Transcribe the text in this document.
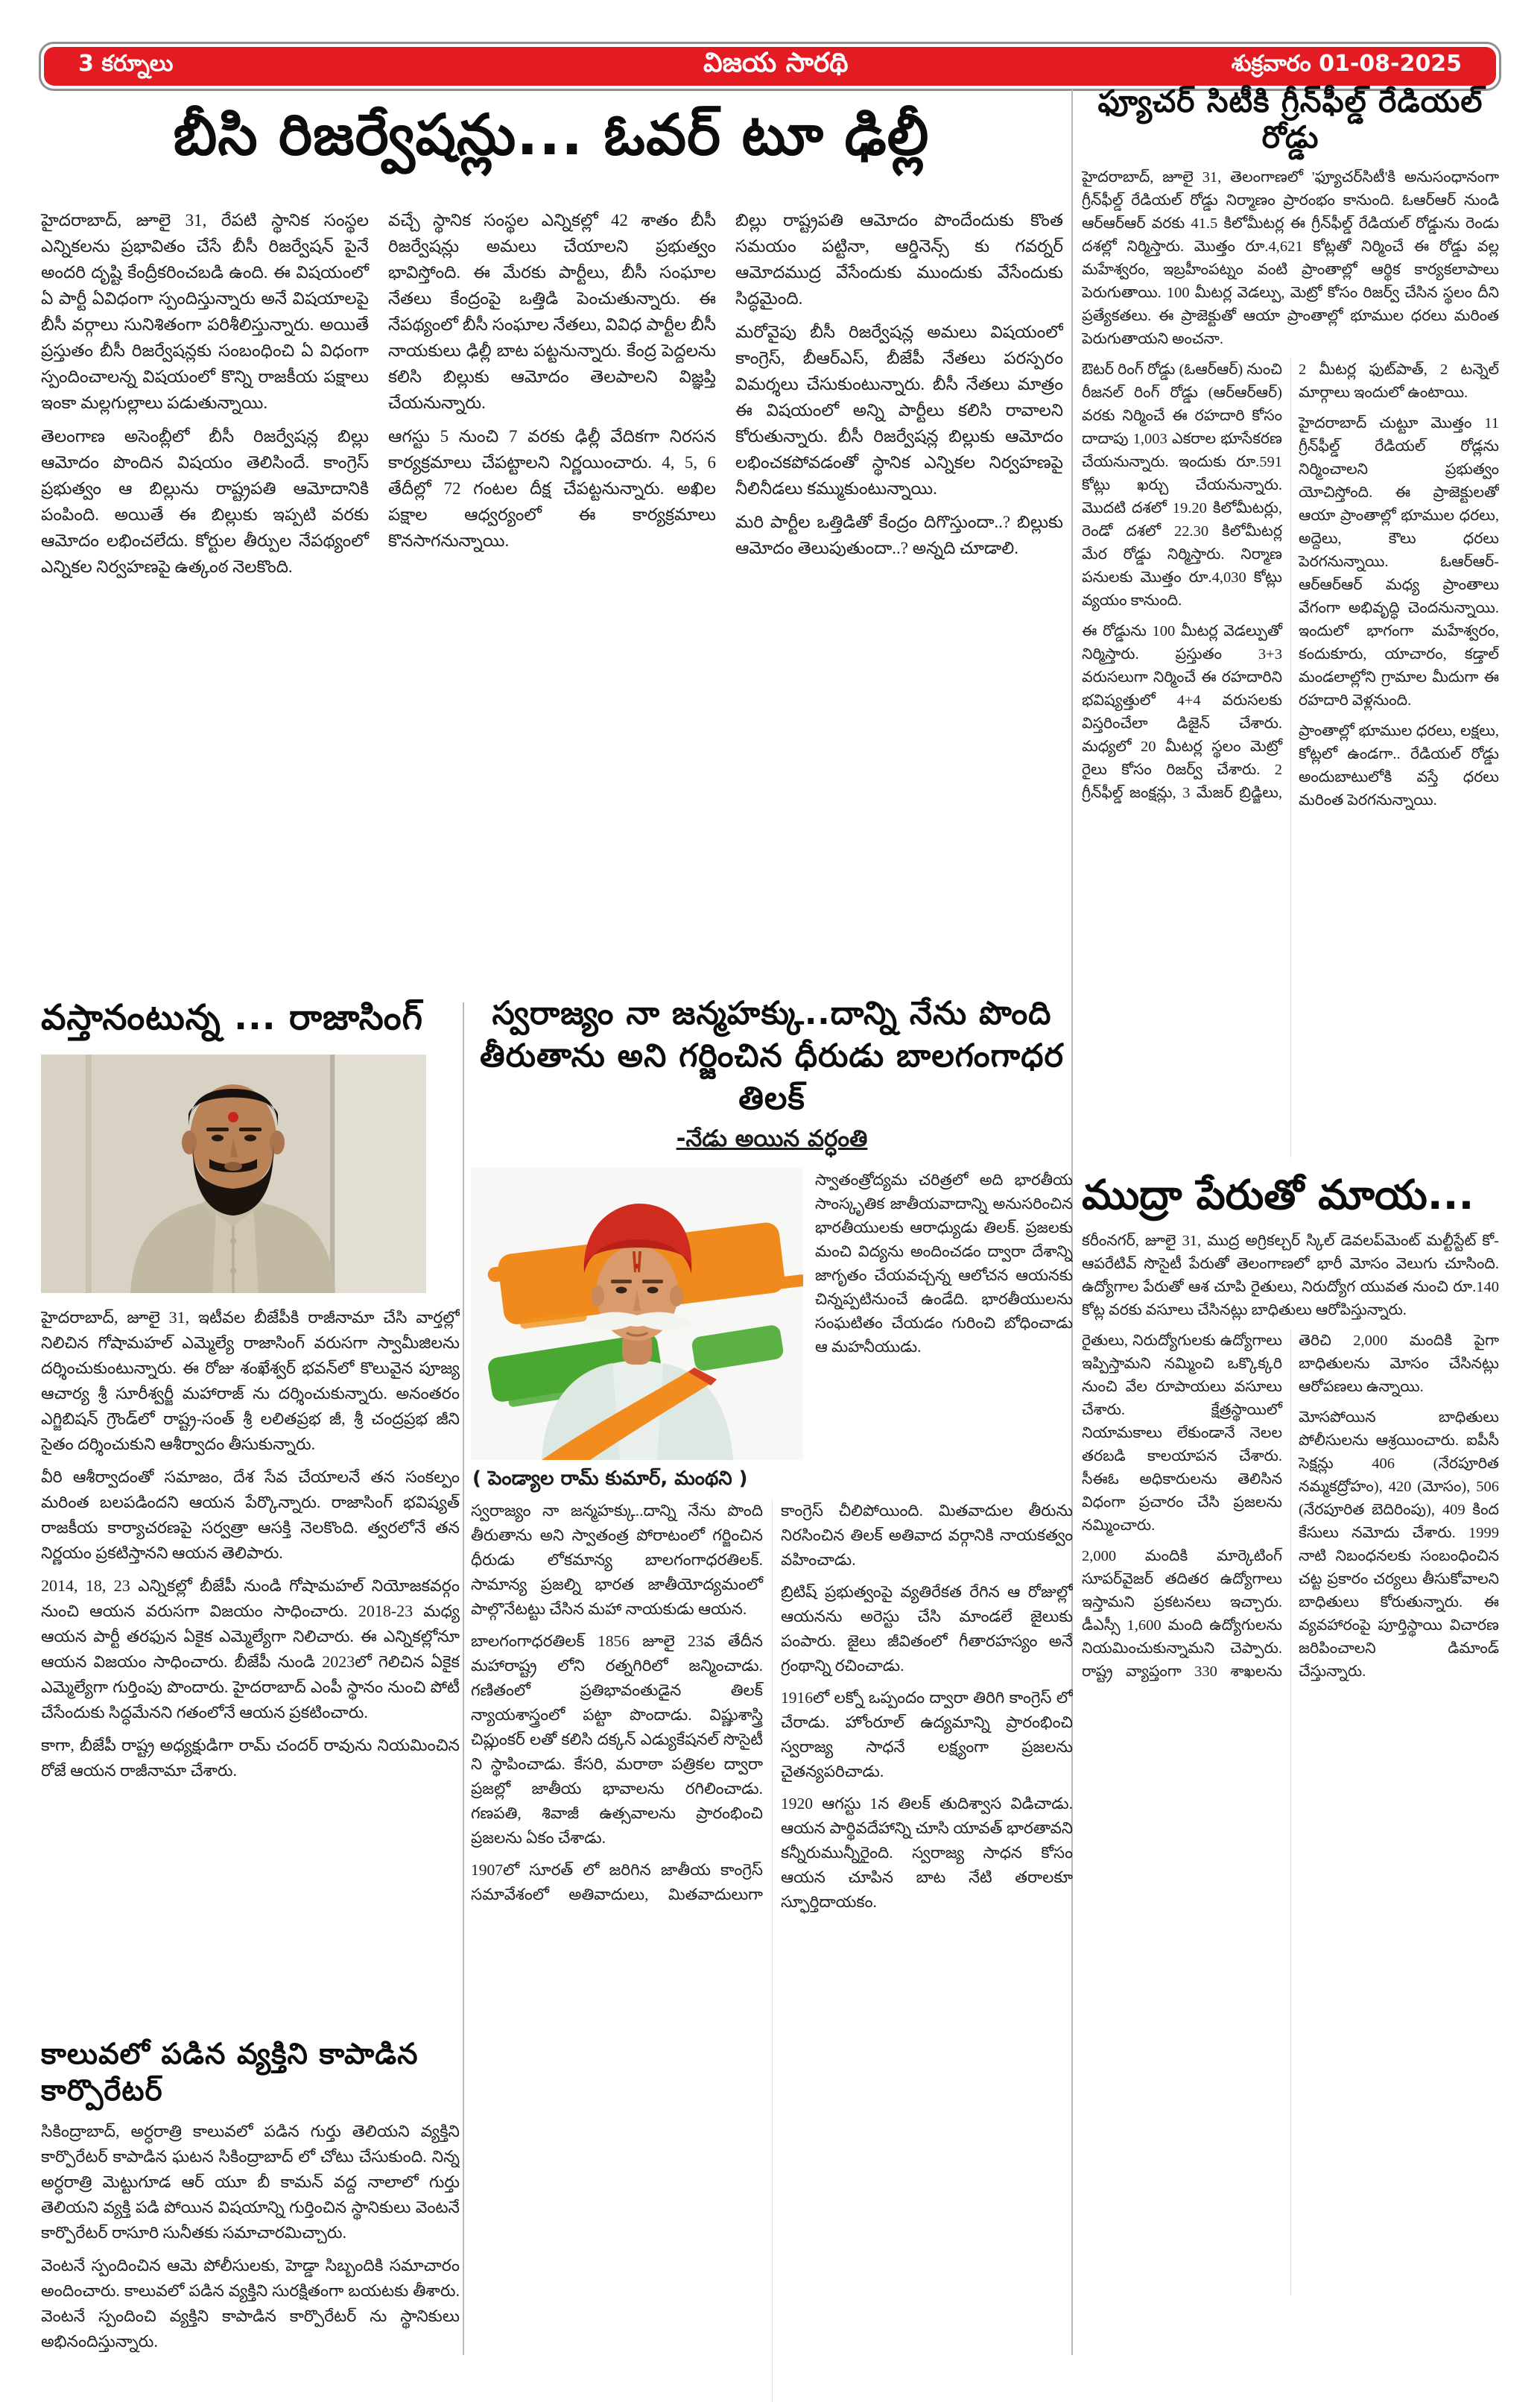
3 కర్నూలు	విజయ సారథి	శుక్రవారం 01-08-2025
బీసి రిజర్వేషన్లు... ఓవర్ టూ ఢిల్లీ

హైదరాబాద్, జూలై 31, రేపటి స్థానిక సంస్థల ఎన్నికలను ప్రభావితం చేసే బీసీ రిజర్వేషన్ పైనే అందరి దృష్టి కేంద్రీకరించబడి ఉంది. ఈ విషయంలో ఏ పార్టీ ఏవిధంగా స్పందిస్తున్నారు అనే విషయాలపై బీసీ వర్గాలు సునిశితంగా పరిశీలిస్తున్నారు. అయితే ప్రస్తుతం బీసీ రిజర్వేషన్లకు సంబంధించి ఏ విధంగా స్పందించాలన్న విషయంలో కొన్ని రాజకీయ పక్షాలు ఇంకా మల్లగుల్లాలు పడుతున్నాయి.

తెలంగాణ అసెంబ్లీలో బీసీ రిజర్వేషన్ల బిల్లు ఆమోదం పొందిన విషయం తెలిసిందే. కాంగ్రెస్ ప్రభుత్వం ఆ బిల్లును రాష్ట్రపతి ఆమోదానికి పంపింది. అయితే ఈ బిల్లుకు ఇప్పటి వరకు ఆమోదం లభించలేదు. కోర్టుల తీర్పుల నేపథ్యంలో ఎన్నికల నిర్వహణపై ఉత్కంఠ నెలకొంది.

వచ్చే స్థానిక సంస్థల ఎన్నికల్లో 42 శాతం బీసీ రిజర్వేషన్లు అమలు చేయాలని ప్రభుత్వం భావిస్తోంది. ఈ మేరకు పార్టీలు, బీసీ సంఘాల నేతలు కేంద్రంపై ఒత్తిడి పెంచుతున్నారు. ఈ నేపథ్యంలో బీసీ సంఘాల నేతలు, వివిధ పార్టీల బీసీ నాయకులు ఢిల్లీ బాట పట్టనున్నారు. కేంద్ర పెద్దలను కలిసి బిల్లుకు ఆమోదం తెలపాలని విజ్ఞప్తి చేయనున్నారు.

ఆగస్టు 5 నుంచి 7 వరకు ఢిల్లీ వేదికగా నిరసన కార్యక్రమాలు చేపట్టాలని నిర్ణయించారు. 4, 5, 6 తేదీల్లో 72 గంటల దీక్ష చేపట్టనున్నారు. అఖిల పక్షాల ఆధ్వర్యంలో ఈ కార్యక్రమాలు కొనసాగనున్నాయి.

బిల్లు రాష్ట్రపతి ఆమోదం పొందేందుకు కొంత సమయం పట్టినా, ఆర్డినెన్స్ కు గవర్నర్ ఆమోదముద్ర వేసేందుకు ముందుకు వేసేందుకు సిద్ధమైంది.

మరోవైపు బీసీ రిజర్వేషన్ల అమలు విషయంలో కాంగ్రెస్, బీఆర్ఎస్, బీజేపీ నేతలు పరస్పరం విమర్శలు చేసుకుంటున్నారు. బీసీ నేతలు మాత్రం ఈ విషయంలో అన్ని పార్టీలు కలిసి రావాలని కోరుతున్నారు. బీసీ రిజర్వేషన్ల బిల్లుకు ఆమోదం లభించకపోవడంతో స్థానిక ఎన్నికల నిర్వహణపై నీలినీడలు కమ్ముకుంటున్నాయి.

మరి పార్టీల ఒత్తిడితో కేంద్రం దిగొస్తుందా..? బిల్లుకు ఆమోదం తెలుపుతుందా..? అన్నది చూడాలి.

వస్తానంటున్న ... రాజాసింగ్

హైదరాబాద్, జూలై 31, ఇటీవల బీజేపీకి రాజీనామా చేసి వార్తల్లో నిలిచిన గోషామహల్ ఎమ్మెల్యే రాజాసింగ్ వరుసగా స్వామీజిలను దర్శించుకుంటున్నారు. ఈ రోజు శంఖేశ్వర్ భవన్‌లో కొలువైన పూజ్య ఆచార్య శ్రీ సూరీశ్వర్జీ మహారాజ్ ను దర్శించుకున్నారు. అనంతరం ఎగ్జిబిషన్ గ్రౌండ్‌లో రాష్ట్ర-సంత్ శ్రీ లలితప్రభ జీ, శ్రీ చంద్రప్రభ జీని సైతం దర్శించుకుని ఆశీర్వాదం తీసుకున్నారు.

వీరి ఆశీర్వాదంతో సమాజం, దేశ సేవ చేయాలనే తన సంకల్పం మరింత బలపడిందని ఆయన పేర్కొన్నారు. రాజాసింగ్ భవిష్యత్ రాజకీయ కార్యాచరణపై సర్వత్రా ఆసక్తి నెలకొంది. త్వరలోనే తన నిర్ణయం ప్రకటిస్తానని ఆయన తెలిపారు.

2014, 18, 23 ఎన్నికల్లో బీజేపీ నుండి గోషామహల్ నియోజకవర్గం నుంచి ఆయన వరుసగా విజయం సాధించారు. 2018-23 మధ్య ఆయన పార్టీ తరఫున ఏకైక ఎమ్మెల్యేగా నిలిచారు. ఈ ఎన్నికల్లోనూ ఆయన విజయం సాధించారు. బీజేపీ నుండి 2023లో గెలిచిన ఏకైక ఎమ్మెల్యేగా గుర్తింపు పొందారు. హైదరాబాద్ ఎంపీ స్థానం నుంచి పోటీ చేసేందుకు సిద్ధమేనని గతంలోనే ఆయన ప్రకటించారు.

కాగా, బీజేపీ రాష్ట్ర అధ్యక్షుడిగా రామ్ చందర్ రావును నియమించిన రోజే ఆయన రాజీనామా చేశారు.

కాలువలో పడిన వ్యక్తిని కాపాడిన కార్పొరేటర్

సికింద్రాబాద్, అర్ధరాత్రి కాలువలో పడిన గుర్తు తెలియని వ్యక్తిని కార్పొరేటర్ కాపాడిన ఘటన సికింద్రాబాద్ లో చోటు చేసుకుంది. నిన్న అర్ధరాత్రి మెట్టుగూడ ఆర్ యూ బీ కామన్ వద్ద నాలాలో గుర్తు తెలియని వ్యక్తి పడి పోయిన విషయాన్ని గుర్తించిన స్థానికులు వెంటనే కార్పొరేటర్ రాసూరి సునీతకు సమాచారమిచ్చారు.

వెంటనే స్పందించిన ఆమె పోలీసులకు, హెడ్డా సిబ్బందికి సమాచారం అందించారు. కాలువలో పడిన వ్యక్తిని సురక్షితంగా బయటకు తీశారు. వెంటనే స్పందించి వ్యక్తిని కాపాడిన కార్పొరేటర్ ను స్థానికులు అభినందిస్తున్నారు.

స్వరాజ్యం నా జన్మహక్కు..దాన్ని నేను పొంది
తీరుతాను అని గర్జించిన ధీరుడు బాలగంగాధర తిలక్
-నేడు అయిన వర్ధంతి

స్వాతంత్రోద్యమ చరిత్రలో అది భారతీయ సాంస్కృతిక జాతీయవాదాన్ని అనుసరించిన భారతీయులకు ఆరాధ్యుడు తిలక్. ప్రజలకు మంచి విద్యను అందించడం ద్వారా దేశాన్ని జాగృతం చేయవచ్చన్న ఆలోచన ఆయనకు చిన్నప్పటినుంచే ఉండేది. భారతీయులను సంఘటితం చేయడం గురించి బోధించాడు ఆ మహనీయుడు.

( పెండ్యాల రామ్ కుమార్, మంథని )

స్వరాజ్యం నా జన్మహక్కు..దాన్ని నేను పొంది తీరుతాను అని స్వాతంత్ర పోరాటంలో గర్జించిన ధీరుడు లోకమాన్య బాలగంగాధరతిలక్. సామాన్య ప్రజల్ని భారత జాతీయోద్యమంలో పాల్గొనేటట్టు చేసిన మహా నాయకుడు ఆయన.

బాలగంగాధరతిలక్ 1856 జూలై 23వ తేదీన మహారాష్ట్ర లోని రత్నగిరిలో జన్మించాడు. గణితంలో ప్రతిభావంతుడైన తిలక్ న్యాయశాస్త్రంలో పట్టా పొందాడు. విష్ణుశాస్త్రి చిప్లుంకర్ లతో కలిసి దక్కన్ ఎడ్యుకేషనల్ సొసైటీ ని స్థాపించాడు. కేసరి, మరాఠా పత్రికల ద్వారా ప్రజల్లో జాతీయ భావాలను రగిలించాడు. గణపతి, శివాజీ ఉత్సవాలను ప్రారంభించి ప్రజలను ఏకం చేశాడు.

1907లో సూరత్ లో జరిగిన జాతీయ కాంగ్రెస్ సమావేశంలో అతివాదులు, మితవాదులుగా కాంగ్రెస్ చీలిపోయింది. మితవాదుల తీరును నిరసించిన తిలక్ అతివాద వర్గానికి నాయకత్వం వహించాడు.

బ్రిటిష్ ప్రభుత్వంపై వ్యతిరేకత రేగిన ఆ రోజుల్లో ఆయనను అరెస్టు చేసి మాండలే జైలుకు పంపారు. జైలు జీవితంలో గీతారహస్యం అనే గ్రంథాన్ని రచించాడు.

1916లో లక్నో ఒప్పందం ద్వారా తిరిగి కాంగ్రెస్ లో చేరాడు. హోంరూల్ ఉద్యమాన్ని ప్రారంభించి స్వరాజ్య సాధనే లక్ష్యంగా ప్రజలను చైతన్యపరిచాడు.

1920 ఆగస్టు 1న తిలక్ తుదిశ్వాస విడిచాడు. ఆయన పార్థివదేహాన్ని చూసి యావత్ భారతావని కన్నీరుమున్నీరైంది. స్వరాజ్య సాధన కోసం ఆయన చూపిన బాట నేటి తరాలకూ స్ఫూర్తిదాయకం.

ఫ్యూచర్ సిటీకి గ్రీన్‌ఫీల్డ్ రేడియల్ రోడ్డు

హైదరాబాద్, జూలై 31, తెలంగాణలో 'ఫ్యూచర్‌సిటీ'కి అనుసంధానంగా గ్రీన్‌ఫీల్డ్ రేడియల్ రోడ్డు నిర్మాణం ప్రారంభం కానుంది. ఓఆర్ఆర్ నుండి ఆర్ఆర్ఆర్ వరకు 41.5 కిలోమీటర్ల ఈ గ్రీన్‌ఫీల్డ్ రేడియల్ రోడ్డును రెండు దశల్లో నిర్మిస్తారు. మొత్తం రూ.4,621 కోట్లతో నిర్మించే ఈ రోడ్డు వల్ల మహేశ్వరం, ఇబ్రహీంపట్నం వంటి ప్రాంతాల్లో ఆర్థిక కార్యకలాపాలు పెరుగుతాయి. 100 మీటర్ల వెడల్పు, మెట్రో కోసం రిజర్వ్ చేసిన స్థలం దీని ప్రత్యేకతలు. ఈ ప్రాజెక్టుతో ఆయా ప్రాంతాల్లో భూముల ధరలు మరింత పెరుగుతాయని అంచనా.

ఔటర్ రింగ్ రోడ్డు (ఓఆర్ఆర్) నుంచి రీజనల్ రింగ్ రోడ్డు (ఆర్ఆర్ఆర్) వరకు నిర్మించే ఈ రహదారి కోసం దాదాపు 1,003 ఎకరాల భూసేకరణ చేయనున్నారు. ఇందుకు రూ.591 కోట్లు ఖర్చు చేయనున్నారు. మొదటి దశలో 19.20 కిలోమీటర్లు, రెండో దశలో 22.30 కిలోమీటర్ల మేర రోడ్డు నిర్మిస్తారు. నిర్మాణ పనులకు మొత్తం రూ.4,030 కోట్లు వ్యయం కానుంది.

ఈ రోడ్డును 100 మీటర్ల వెడల్పుతో నిర్మిస్తారు. ప్రస్తుతం 3+3 వరుసలుగా నిర్మించే ఈ రహదారిని భవిష్యత్తులో 4+4 వరుసలకు విస్తరించేలా డిజైన్ చేశారు. మధ్యలో 20 మీటర్ల స్థలం మెట్రో రైలు కోసం రిజర్వ్ చేశారు. 2 గ్రీన్‌ఫీల్డ్ జంక్షన్లు, 3 మేజర్ బ్రిడ్జిలు, 2 మీటర్ల ఫుట్‌పాత్, 2 టన్నెల్ మార్గాలు ఇందులో ఉంటాయి.

హైదరాబాద్ చుట్టూ మొత్తం 11 గ్రీన్‌ఫీల్డ్ రేడియల్ రోడ్లను నిర్మించాలని ప్రభుత్వం యోచిస్తోంది. ఈ ప్రాజెక్టులతో ఆయా ప్రాంతాల్లో భూముల ధరలు, అద్దెలు, కౌలు ధరలు పెరగనున్నాయి. ఓఆర్ఆర్-ఆర్ఆర్ఆర్ మధ్య ప్రాంతాలు వేగంగా అభివృద్ధి చెందనున్నాయి. ఇందులో భాగంగా మహేశ్వరం, కందుకూరు, యాచారం, కడ్తాల్ మండలాల్లోని గ్రామాల మీదుగా ఈ రహదారి వెళ్లనుంది.

ప్రాంతాల్లో భూముల ధరలు, లక్షలు, కోట్లలో ఉండగా.. రేడియల్ రోడ్డు అందుబాటులోకి వస్తే ధరలు మరింత పెరగనున్నాయి.

ముద్రా పేరుతో మాయ...

కరీంనగర్, జూలై 31, ముద్ర అగ్రికల్చర్ స్కిల్ డెవలప్‌మెంట్ మల్టీస్టేట్ కో-ఆపరేటివ్ సొసైటీ పేరుతో తెలంగాణలో భారీ మోసం వెలుగు చూసింది. ఉద్యోగాల పేరుతో ఆశ చూపి రైతులు, నిరుద్యోగ యువత నుంచి రూ.140 కోట్ల వరకు వసూలు చేసినట్లు బాధితులు ఆరోపిస్తున్నారు.

రైతులు, నిరుద్యోగులకు ఉద్యోగాలు ఇప్పిస్తామని నమ్మించి ఒక్కొక్కరి నుంచి వేల రూపాయలు వసూలు చేశారు. క్షేత్రస్థాయిలో నియామకాలు లేకుండానే నెలల తరబడి కాలయాపన చేశారు. సీఈఓ అధికారులను తెలిసిన విధంగా ప్రచారం చేసి ప్రజలను నమ్మించారు.

2,000 మందికి మార్కెటింగ్ సూపర్‌వైజర్ తదితర ఉద్యోగాలు ఇస్తామని ప్రకటనలు ఇచ్చారు. డీఎస్సీ 1,600 మంది ఉద్యోగులను నియమించుకున్నామని చెప్పారు. రాష్ట్ర వ్యాప్తంగా 330 శాఖలను తెరిచి 2,000 మందికి పైగా బాధితులను మోసం చేసినట్లు ఆరోపణలు ఉన్నాయి.

మోసపోయిన బాధితులు పోలీసులను ఆశ్రయించారు. ఐపీసీ సెక్షన్లు 406 (నేరపూరిత నమ్మకద్రోహం), 420 (మోసం), 506 (నేరపూరిత బెదిరింపు), 409 కింద కేసులు నమోదు చేశారు. 1999 నాటి నిబంధనలకు సంబంధించిన చట్ట ప్రకారం చర్యలు తీసుకోవాలని బాధితులు కోరుతున్నారు. ఈ వ్యవహారంపై పూర్తిస్థాయి విచారణ జరిపించాలని డిమాండ్ చేస్తున్నారు.
